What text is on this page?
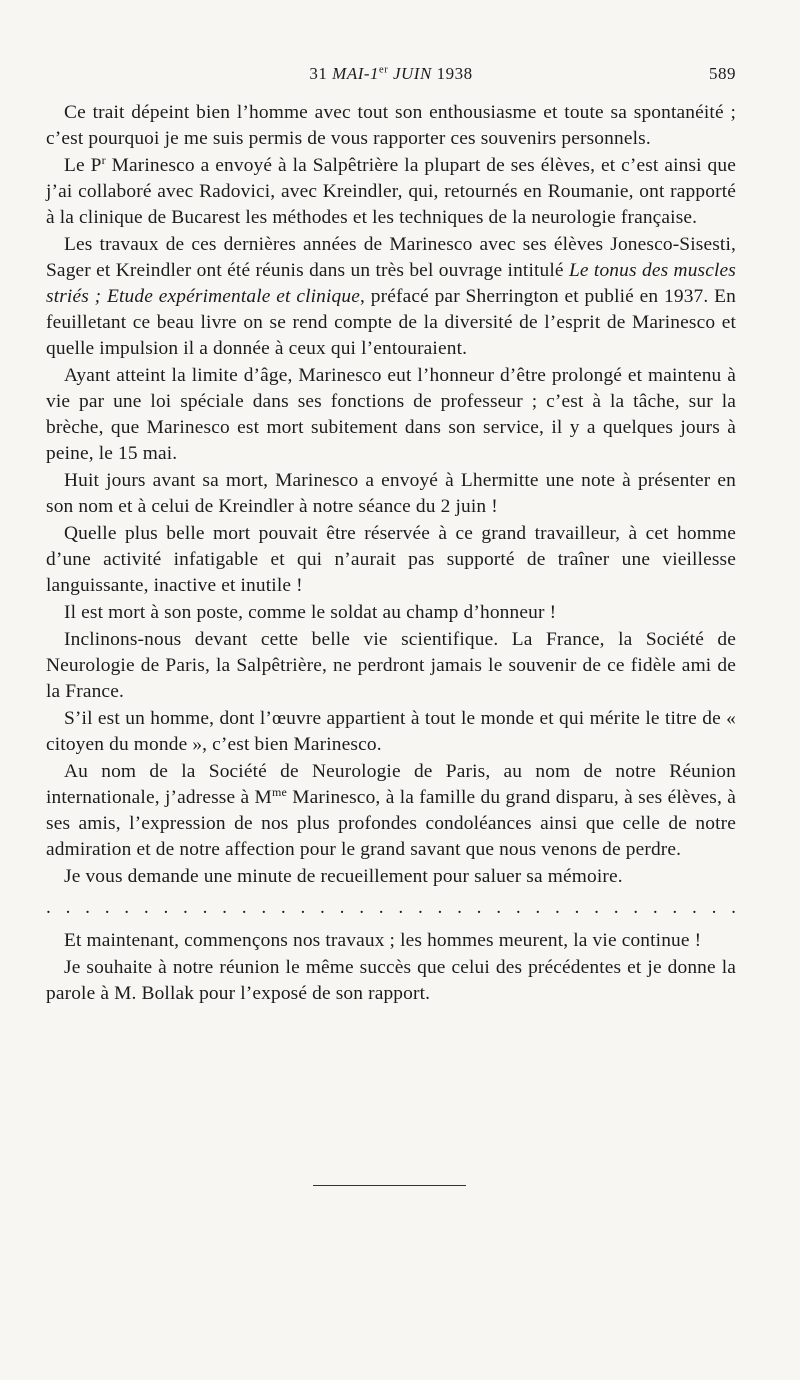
31 MAI-1er JUIN 1938	589

Ce trait dépeint bien l’homme avec tout son enthousiasme et toute sa spontanéité ; c’est pourquoi je me suis permis de vous rapporter ces souvenirs personnels.

Le $P^r$ Marinesco a envoyé à la Salpêtrière la plupart de ses élèves, et c’est ainsi que j’ai collaboré avec Radovici, avec Kreindler, qui, retournés en Roumanie, ont rapporté à la clinique de Bucarest les méthodes et les techniques de la neurologie française.

Les travaux de ces dernières années de Marinesco avec ses élèves Jonesco-Sisesti, Sager et Kreindler ont été réunis dans un très bel ouvrage intitulé Le tonus des muscles striés ; Etude expérimentale et clinique, préfacé par Sherrington et publié en 1937. En feuilletant ce beau livre on se rend compte de la diversité de l’esprit de Marinesco et quelle impulsion il a donnée à ceux qui l’entouraient.

Ayant atteint la limite d’âge, Marinesco eut l’honneur d’être prolongé et maintenu à vie par une loi spéciale dans ses fonctions de professeur ; c’est à la tâche, sur la brèche, que Marinesco est mort subitement dans son service, il y a quelques jours à peine, le 15 mai.

Huit jours avant sa mort, Marinesco a envoyé à Lhermitte une note à présenter en son nom et à celui de Kreindler à notre séance du 2 juin !

Quelle plus belle mort pouvait être réservée à ce grand travailleur, à cet homme d’une activité infatigable et qui n’aurait pas supporté de traîner une vieillesse languissante, inactive et inutile !

Il est mort à son poste, comme le soldat au champ d’honneur !

Inclinons-nous devant cette belle vie scientifique. La France, la Société de Neurologie de Paris, la Salpêtrière, ne perdront jamais le souvenir de ce fidèle ami de la France.

S’il est un homme, dont l’œuvre appartient à tout le monde et qui mérite le titre de « citoyen du monde », c’est bien Marinesco.

Au nom de la Société de Neurologie de Paris, au nom de notre Réunion internationale, j’adresse à $M^{me}$ Marinesco, à la famille du grand disparu, à ses élèves, à ses amis, l’expression de nos plus profondes condoléances ainsi que celle de notre admiration et de notre affection pour le grand savant que nous venons de perdre.

Je vous demande une minute de recueillement pour saluer sa mémoire.

. . . . . . . . . . . . . . . . . . . . . . . . . . . . . . . . . . . .

Et maintenant, commençons nos travaux ; les hommes meurent, la vie continue !

Je souhaite à notre réunion le même succès que celui des précédentes et je donne la parole à M. Bollak pour l’exposé de son rapport.
